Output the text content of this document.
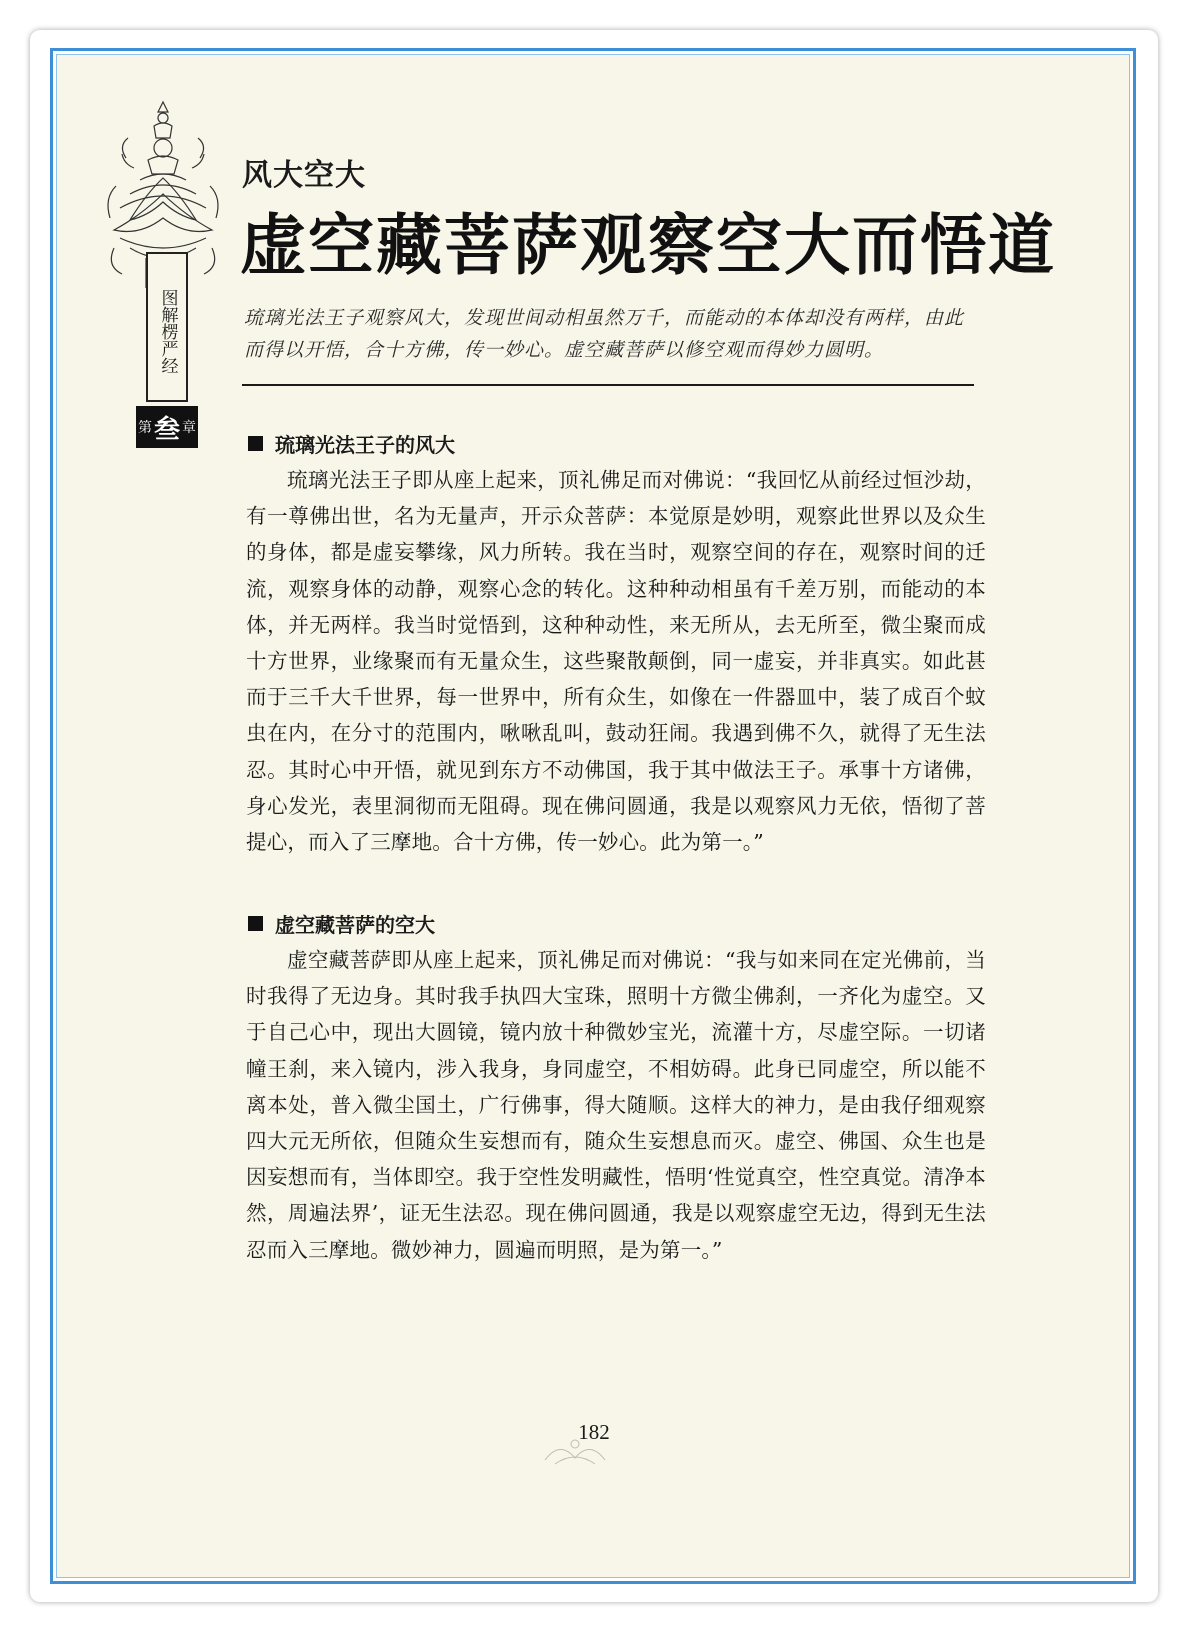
图解楞严经
第 叁 章
风大空大
虚空藏菩萨观察空大而悟道
琉璃光法王子观察风大，发现世间动相虽然万千，而能动的本体却没有两样，由此而得以开悟，合十方佛，传一妙心。虚空藏菩萨以修空观而得妙力圆明。
琉璃光法王子的风大

琉璃光法王子即从座上起来，顶礼佛足而对佛说：“我回忆从前经过恒沙劫，有一尊佛出世，名为无量声，开示众菩萨：本觉原是妙明，观察此世界以及众生的身体，都是虚妄攀缘，风力所转。我在当时，观察空间的存在，观察时间的迁流，观察身体的动静，观察心念的转化。这种种动相虽有千差万别，而能动的本体，并无两样。我当时觉悟到，这种种动性，来无所从，去无所至，微尘聚而成十方世界，业缘聚而有无量众生，这些聚散颠倒，同一虚妄，并非真实。如此甚而于三千大千世界，每一世界中，所有众生，如像在一件器皿中，装了成百个蚊虫在内，在分寸的范围内，啾啾乱叫，鼓动狂闹。我遇到佛不久，就得了无生法忍。其时心中开悟，就见到东方不动佛国，我于其中做法王子。承事十方诸佛，身心发光，表里洞彻而无阻碍。现在佛问圆通，我是以观察风力无依，悟彻了菩提心，而入了三摩地。合十方佛，传一妙心。此为第一。”

虚空藏菩萨的空大

虚空藏菩萨即从座上起来，顶礼佛足而对佛说：“我与如来同在定光佛前，当时我得了无边身。其时我手执四大宝珠，照明十方微尘佛刹，一齐化为虚空。又于自己心中，现出大圆镜，镜内放十种微妙宝光，流灌十方，尽虚空际。一切诸幢王刹，来入镜内，涉入我身，身同虚空，不相妨碍。此身已同虚空，所以能不离本处，普入微尘国土，广行佛事，得大随顺。这样大的神力，是由我仔细观察四大元无所依，但随众生妄想而有，随众生妄想息而灭。虚空、佛国、众生也是因妄想而有，当体即空。我于空性发明藏性，悟明‘性觉真空，性空真觉。清净本然，周遍法界’，证无生法忍。现在佛问圆通，我是以观察虚空无边，得到无生法忍而入三摩地。微妙神力，圆遍而明照，是为第一。”

182
